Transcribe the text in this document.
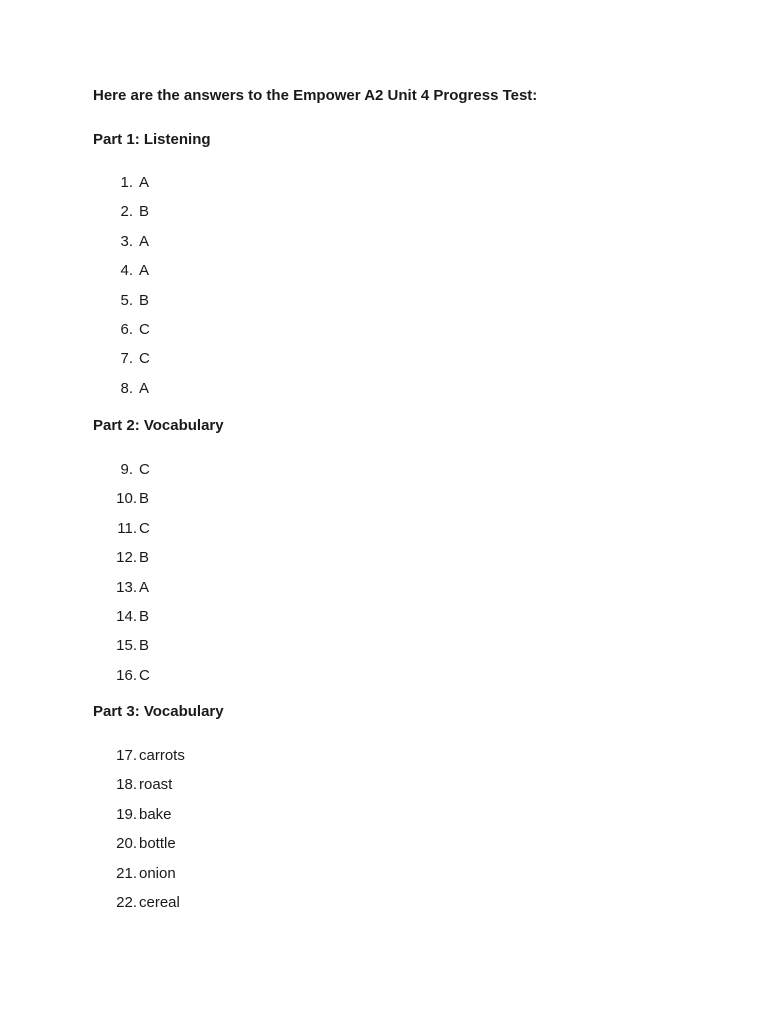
Here are the answers to the Empower A2 Unit 4 Progress Test:

Part 1: Listening

1. A
2. B
3. A
4. A
5. B
6. C
7. C
8. A

Part 2: Vocabulary

9. C
10. B
11. C
12. B
13. A
14. B
15. B
16. C

Part 3: Vocabulary

17. carrots
18. roast
19. bake
20. bottle
21. onion
22. cereal
